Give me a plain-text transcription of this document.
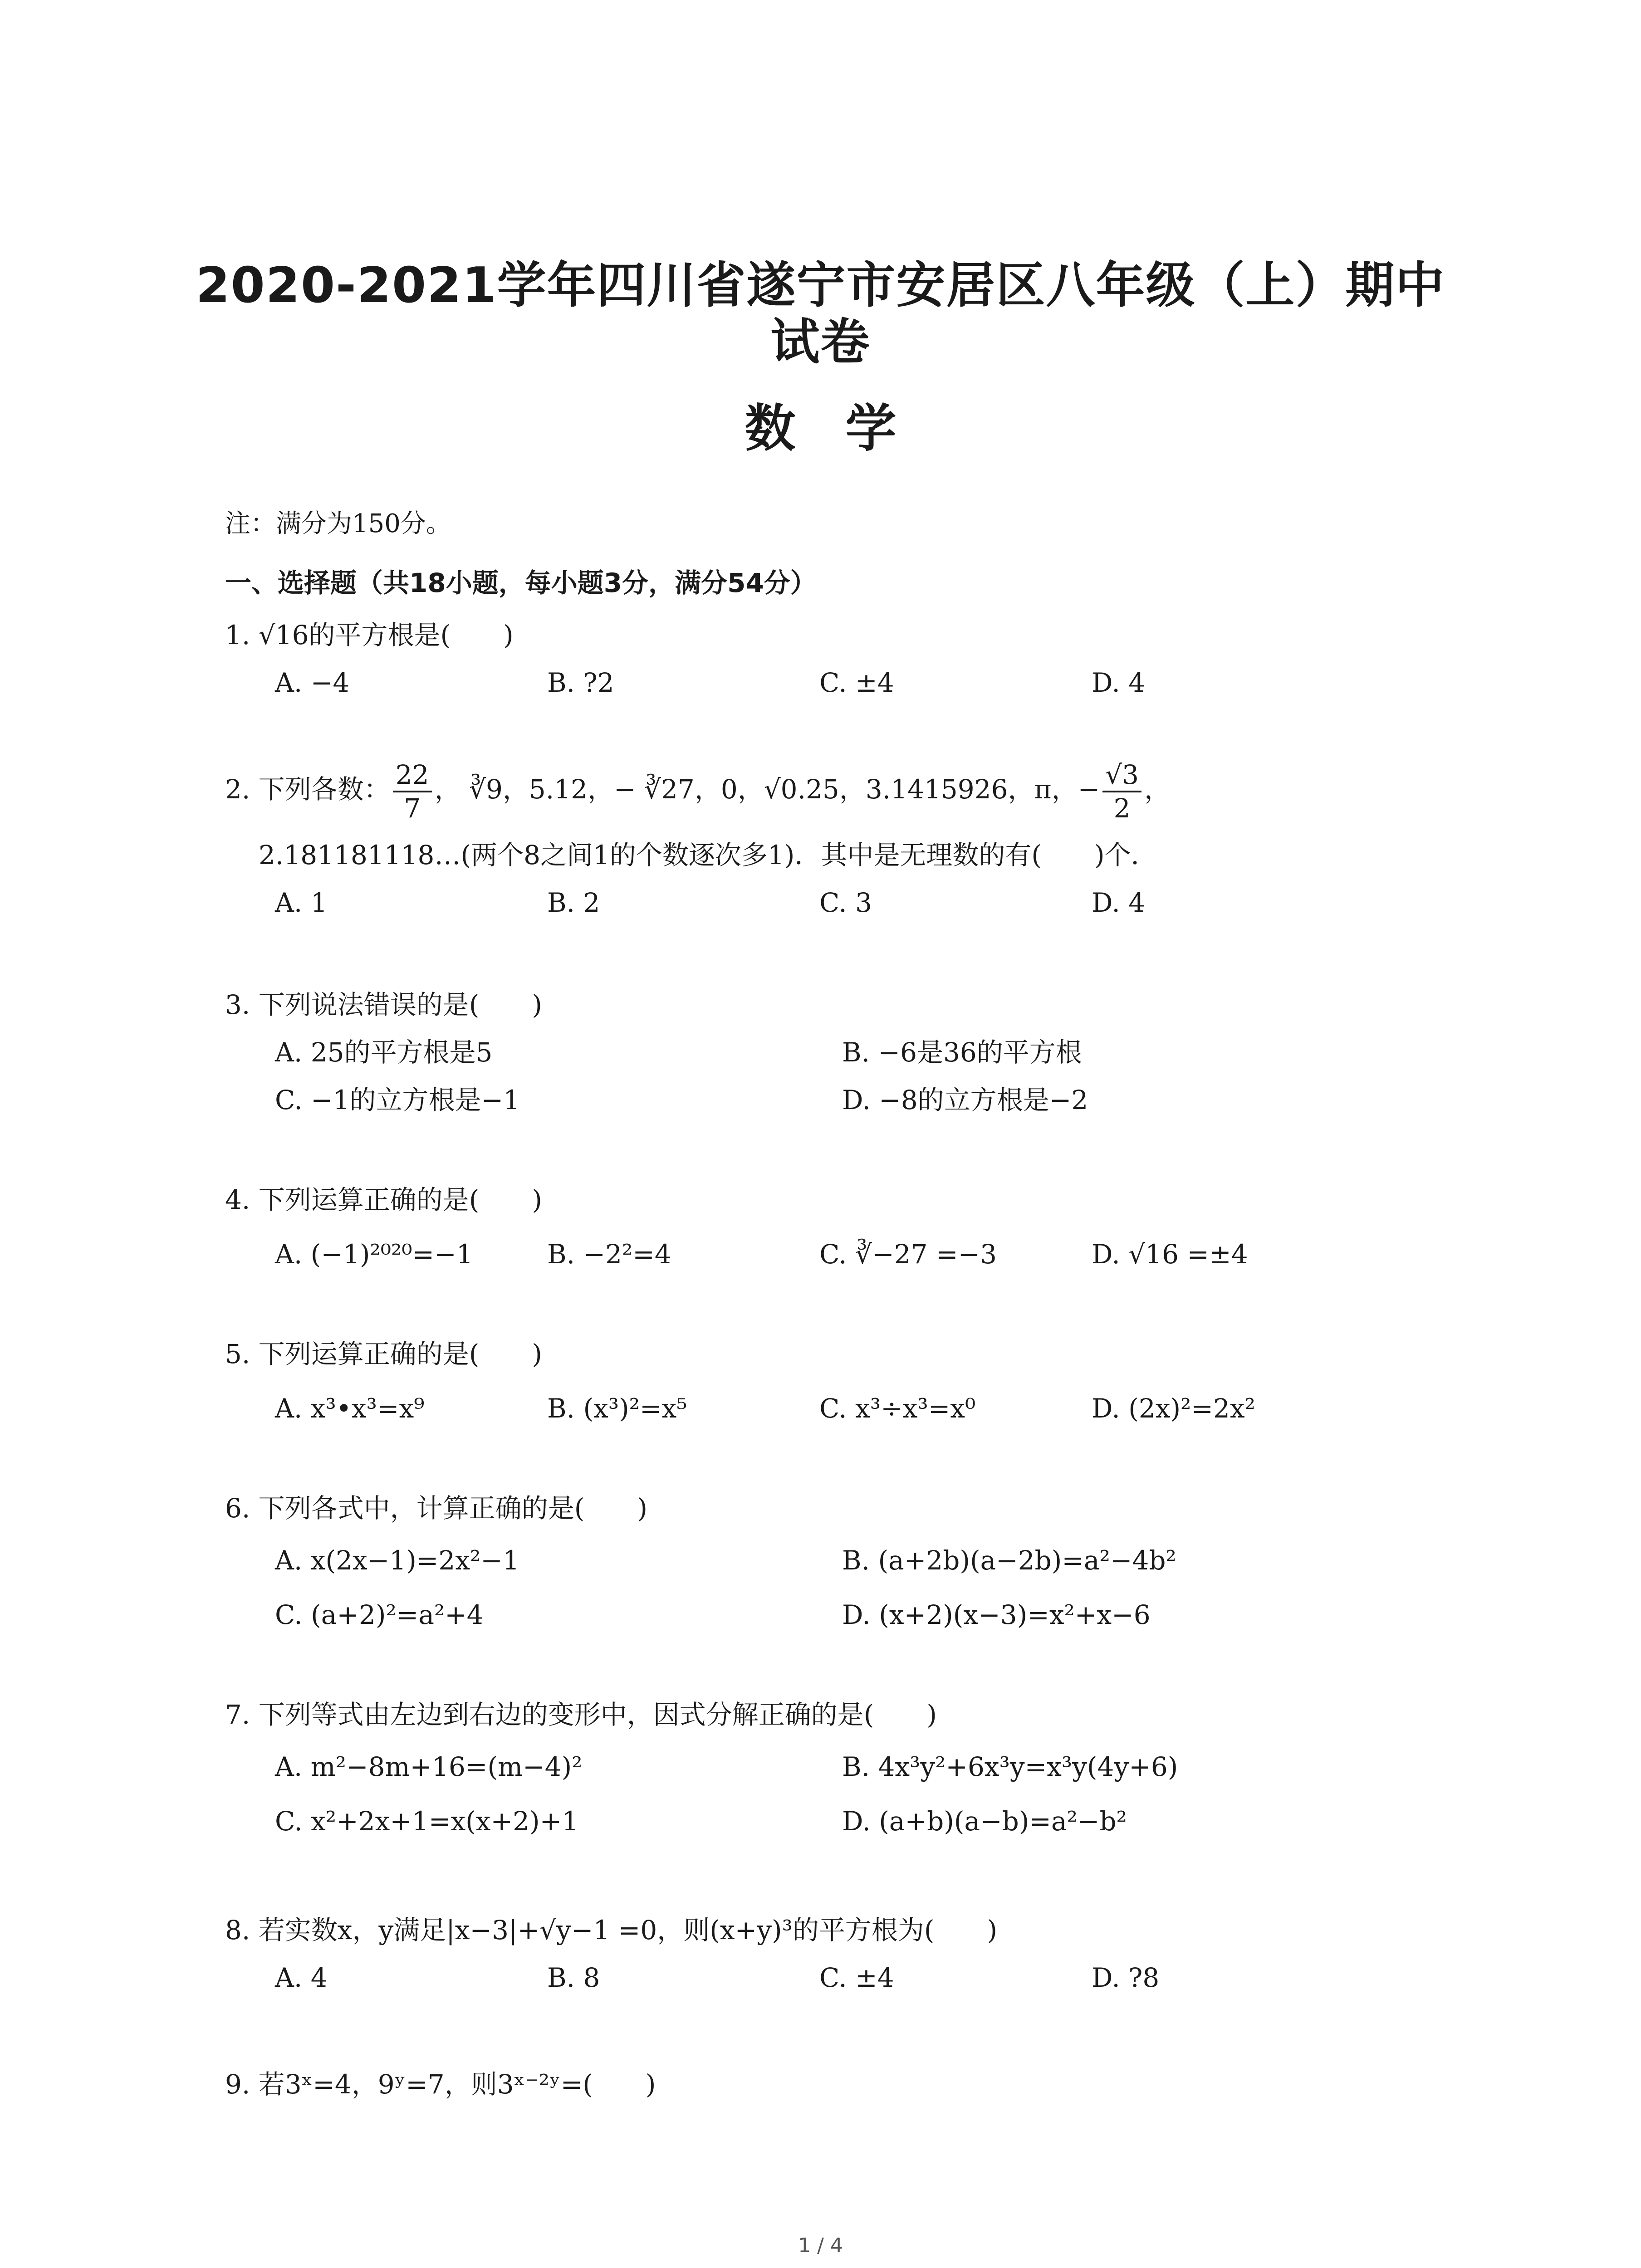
2020-2021学年四川省遂宁市安居区八年级（上）期中
试卷
数学
注：满分为150分。
一、选择题（共18小题，每小题3分，满分54分）
1. √16的平方根是(　　)
A. −4	B. ?2	C. ±4	D. 4
2. 下列各数： $\frac{22}{7}$ ， ∛9，5.12，− ∛27，0，√0.25，3.1415926，π，− $\frac{√3}{2}$ ，
2.181181118…(两个8之间1的个数逐次多1)．其中是无理数的有(　　)个．
A. 1	B. 2	C. 3	D. 4
3. 下列说法错误的是(　　)
A. 25的平方根是5	B. −6是36的平方根
C. −1的立方根是−1	D. −8的立方根是−2
4. 下列运算正确的是(　　)
A. (−1)²⁰²⁰=−1	B. −2²=4	C. ∛−27 =−3	D. √16 =±4
5. 下列运算正确的是(　　)
A. x³•x³=x⁹	B. (x³)²=x⁵	C. x³÷x³=x⁰	D. (2x)²=2x²
6. 下列各式中，计算正确的是(　　)
A. x(2x−1)=2x²−1	B. (a+2b)(a−2b)=a²−4b²
C. (a+2)²=a²+4	D. (x+2)(x−3)=x²+x−6
7. 下列等式由左边到右边的变形中，因式分解正确的是(　　)
A. m²−8m+16=(m−4)²	B. 4x³y²+6x³y=x³y(4y+6)
C. x²+2x+1=x(x+2)+1	D. (a+b)(a−b)=a²−b²
8. 若实数x，y满足|x−3|+√y−1 =0，则(x+y)³的平方根为(　　)
A. 4	B. 8	C. ±4	D. ?8
9. 若3ˣ=4，9ʸ=7，则3ˣ⁻²ʸ=(　　)
1 / 4
